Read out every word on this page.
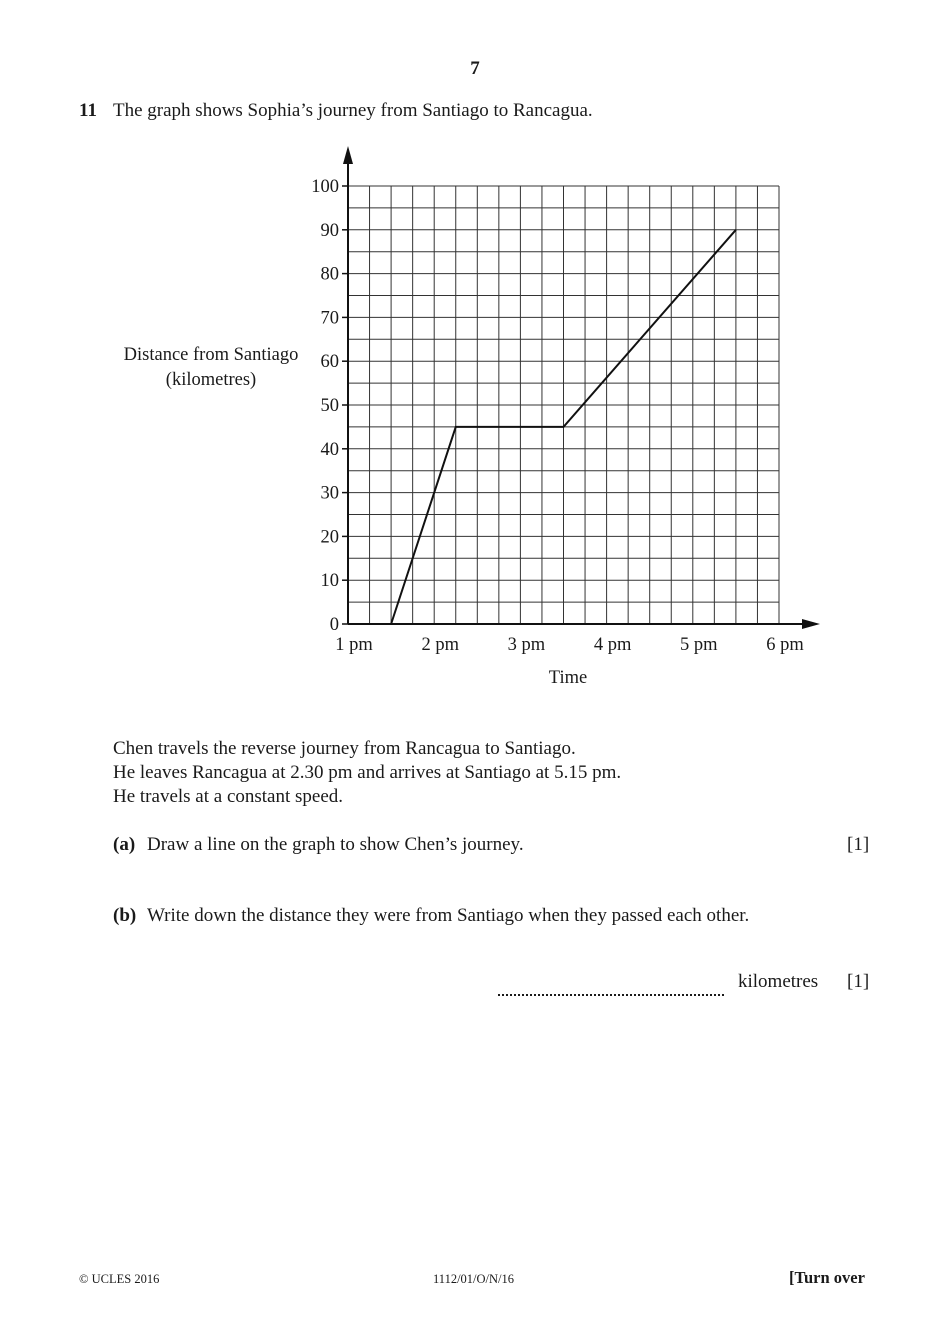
7
11 The graph shows Sophia’s journey from Santiago to Rancagua.
Distance from Santiago
(kilometres)
0
10
20
30
40
50
60
70
80
90
100
1 pm	2 pm	3 pm	4 pm	5 pm	6 pm
Time
Chen travels the reverse journey from Rancagua to Santiago.
He leaves Rancagua at 2.30 pm and arrives at Santiago at 5.15 pm.
He travels at a constant speed.
(a) Draw a line on the graph to show Chen’s journey.	[1]
(b) Write down the distance they were from Santiago when they passed each other.
kilometres [1]
© UCLES 2016	1112/01/O/N/16	[Turn over
